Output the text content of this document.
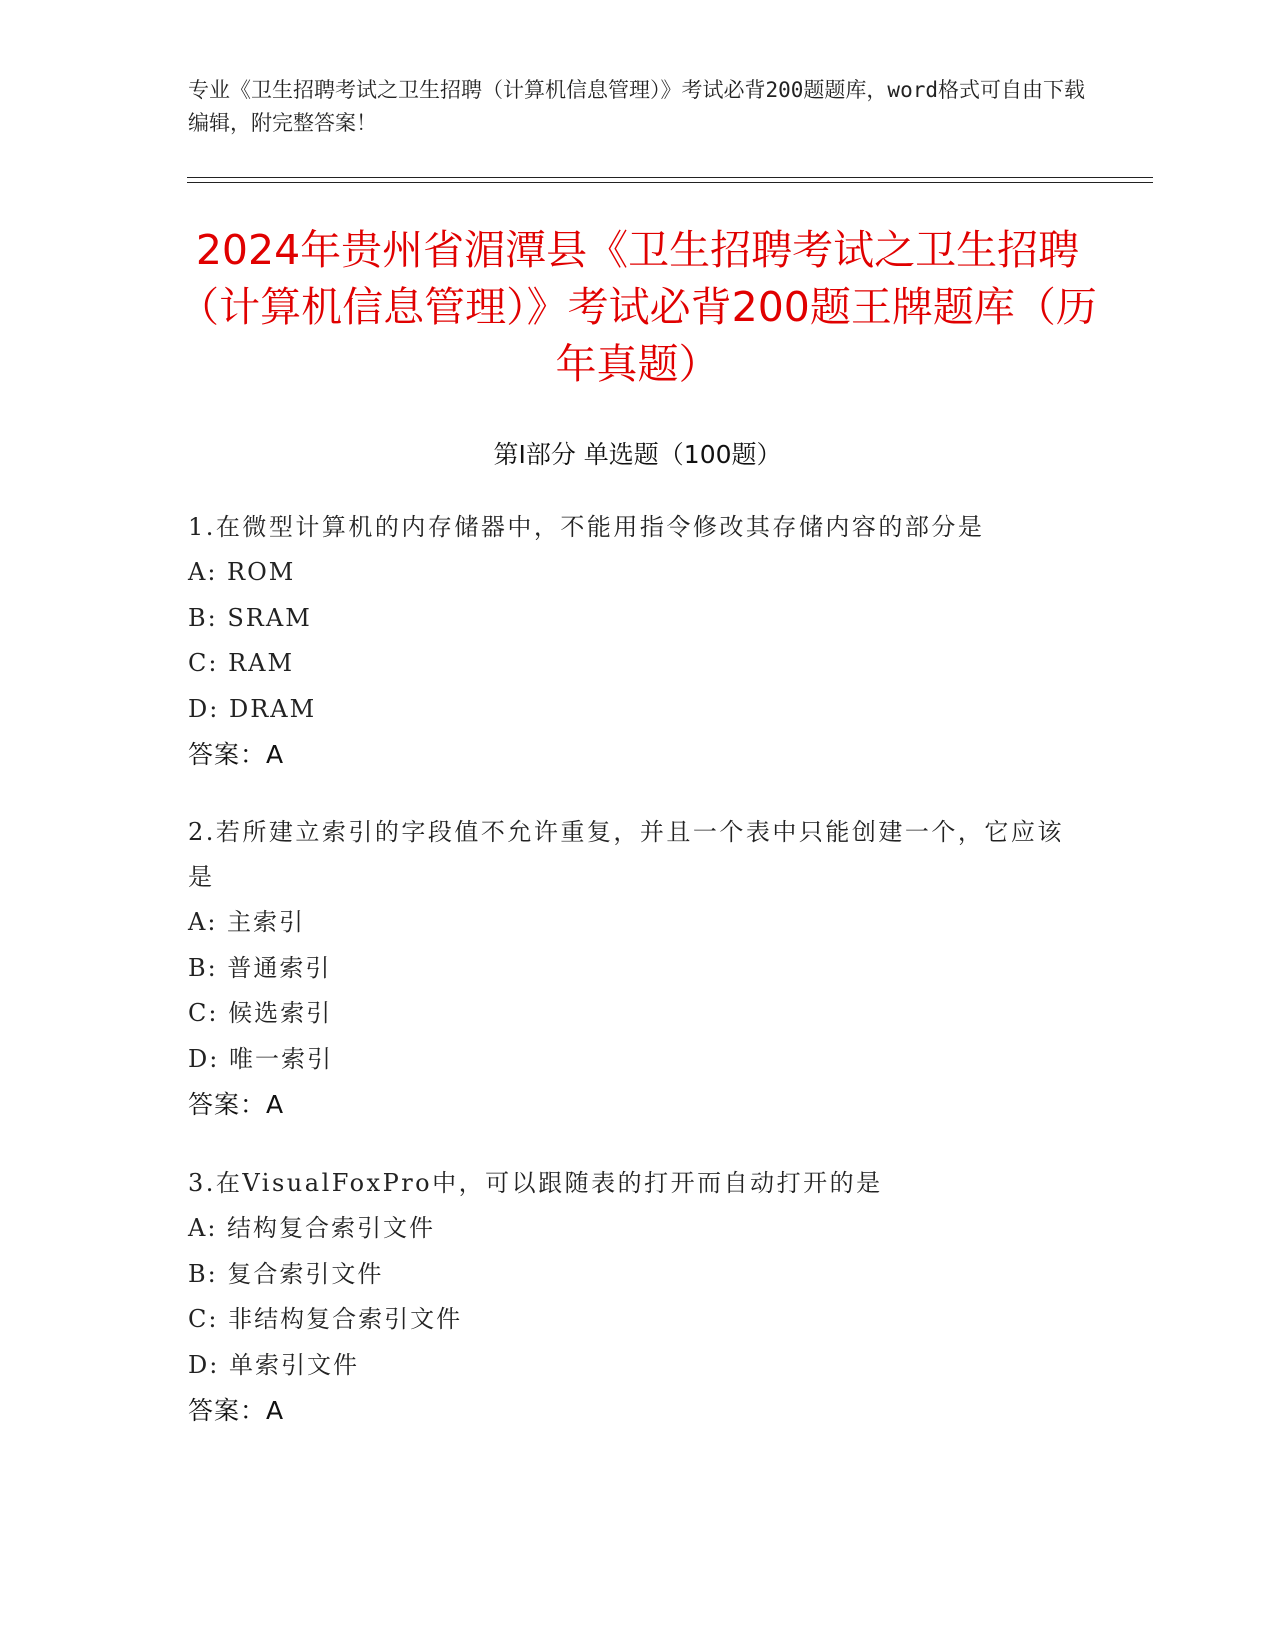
专业《卫生招聘考试之卫生招聘（计算机信息管理）》考试必背200题题库，word格式可自由下载编辑，附完整答案！
2024年贵州省湄潭县《卫生招聘考试之卫生招聘（计算机信息管理）》考试必背200题王牌题库（历年真题）
第Ⅰ部分 单选题（100题）
1.在微型计算机的内存储器中，不能用指令修改其存储内容的部分是
A: ROM
B: SRAM
C: RAM
D: DRAM
答案：A
2.若所建立索引的字段值不允许重复，并且一个表中只能创建一个，它应该是
A: 主索引
B: 普通索引
C: 候选索引
D: 唯一索引
答案：A
3.在VisualFoxPro中，可以跟随表的打开而自动打开的是
A: 结构复合索引文件
B: 复合索引文件
C: 非结构复合索引文件
D: 单索引文件
答案：A
